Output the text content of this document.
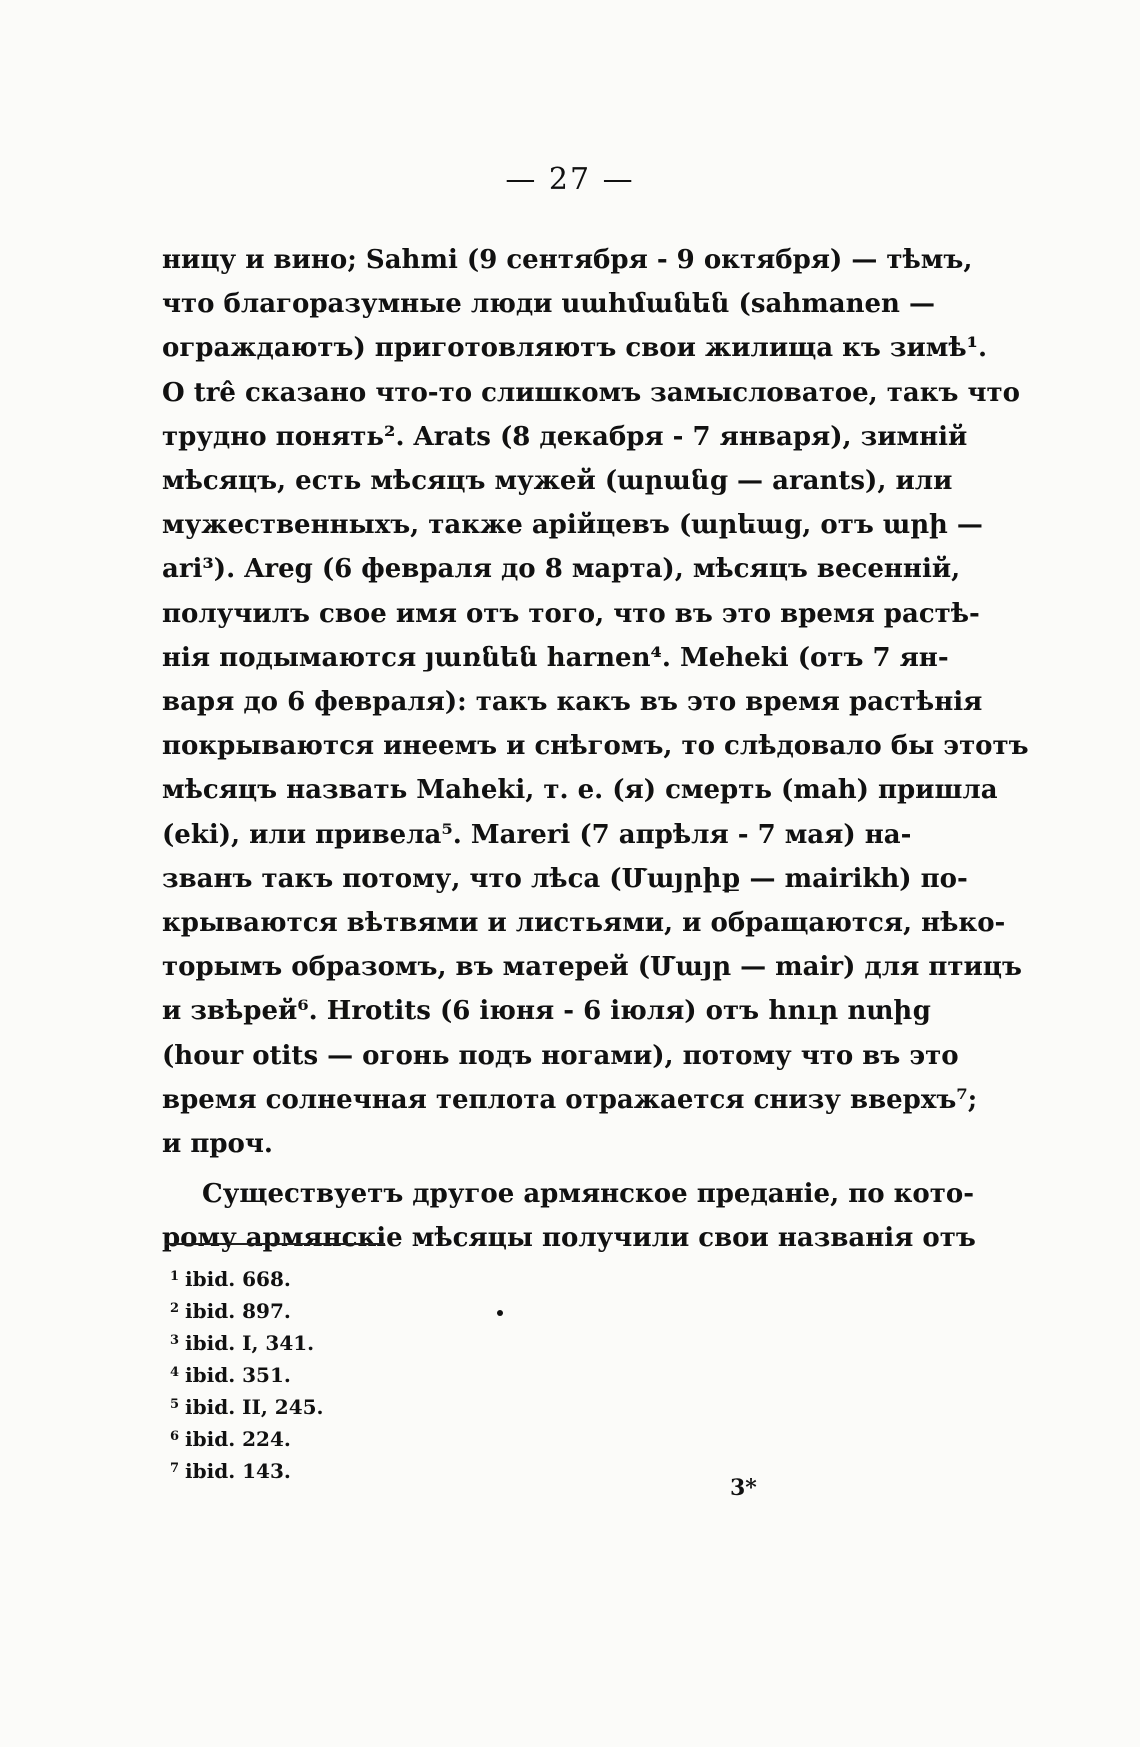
— 27 —
ницу и вино; Sahmi (9 сентября - 9 октября) — тѣмъ,
что благоразумные люди սահմանեն (sahmanen —
ограждаютъ) приготовляютъ свои жилища къ зимѣ¹.
О trê сказано что-то слишкомъ замысловатое, такъ что
трудно понять². Arats (8 декабря - 7 января), зимній
мѣсяцъ, есть мѣсяцъ мужей (արանց — arants), или
мужественныхъ, также арійцевъ (արեաց, отъ արի —
ari³). Areg (6 февраля до 8 марта), мѣсяцъ весенній,
получилъ свое имя отъ того, что въ это время растѣ-
нія подымаются յառնեն harnen⁴. Mehеki (отъ 7 ян-
варя до 6 февраля): такъ какъ въ это время растѣнія
покрываются инеемъ и снѣгомъ, то слѣдовало бы этотъ
мѣсяцъ назвать Maheki, т. е. (я) смерть (mah) пришла
(eki), или привела⁵. Mareri (7 апрѣля - 7 мая) на-
званъ такъ потому, что лѣса (Մայրիք — mairikh) по-
крываются вѣтвями и листьями, и обращаются, нѣко-
торымъ образомъ, въ матерей (Մայր — mair) для птицъ
и звѣрей⁶. Hrotits (6 іюня - 6 іюля) отъ հուր ոտից
(hour otits — огонь подъ ногами), потому что въ это
время солнечная теплота отражается снизу вверхъ⁷;
и проч.
Существуетъ другое армянское преданіе, по кото-
рому армянскіе мѣсяцы получили свои названія отъ
$^1$ ibid. 668.
$^2$ ibid. 897.
$^3$ ibid. I, 341.
$^4$ ibid. 351.
$^5$ ibid. II, 245.
$^6$ ibid. 224.
$^7$ ibid. 143.
3*
